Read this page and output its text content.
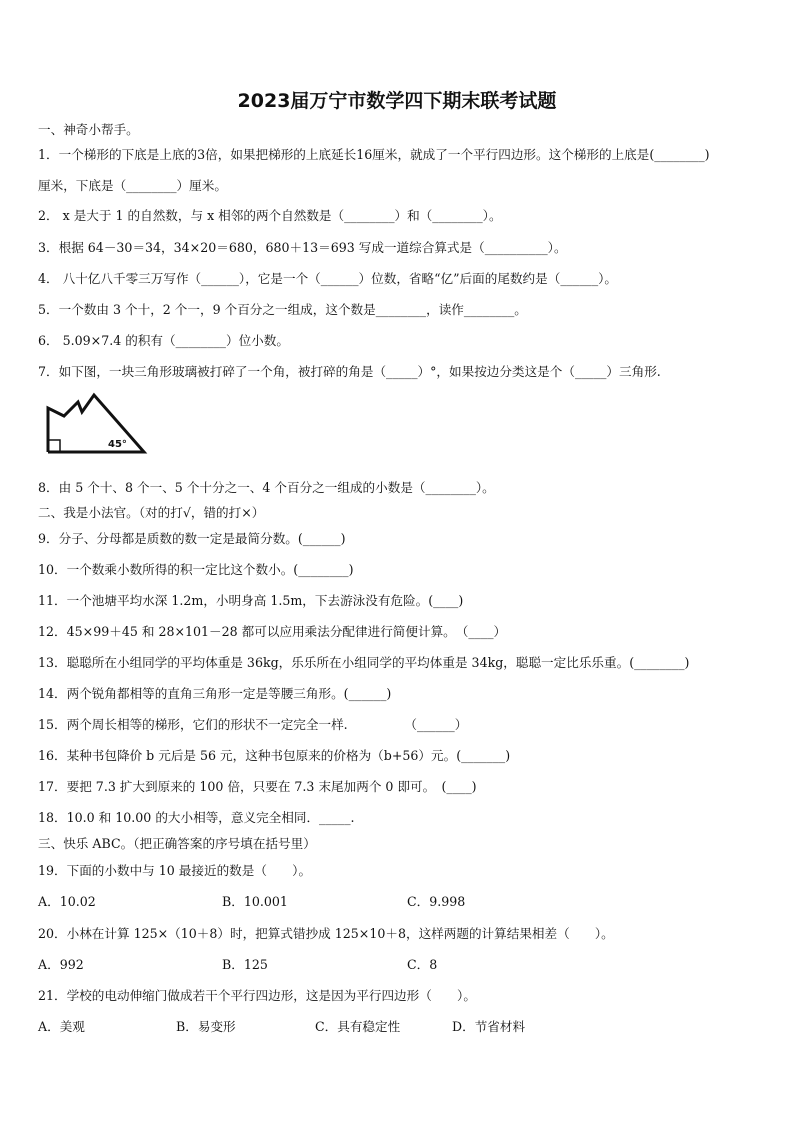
2023届万宁市数学四下期末联考试题
一、神奇小帮手。
1．一个梯形的下底是上底的3倍，如果把梯形的上底延长16厘米，就成了一个平行四边形。这个梯形的上底是(________)
厘米，下底是（________）厘米。
2． x 是大于 1 的自然数，与 x 相邻的两个自然数是（________）和（________）。
3．根据 64－30＝34，34×20＝680，680＋13＝693 写成一道综合算式是（__________）。
4． 八十亿八千零三万写作（______），它是一个（______）位数，省略“亿”后面的尾数约是（______）。
5．一个数由 3 个十，2 个一，9 个百分之一组成，这个数是________，读作________。
6． 5.09×7.4 的积有（________）位小数。
7．如下图，一块三角形玻璃被打碎了一个角，被打碎的角是（_____）°，如果按边分类这是个（_____）三角形.
45°
8．由 5 个十、8 个一、5 个十分之一、4 个百分之一组成的小数是（________）。
二、我是小法官。（对的打√，错的打×）
9．分子、分母都是质数的数一定是最简分数。(______)
10．一个数乘小数所得的积一定比这个数小。(________)
11．一个池塘平均水深 1.2m，小明身高 1.5m，下去游泳没有危险。(____)
12．45×99＋45 和 28×101－28 都可以应用乘法分配律进行简便计算。　（____）
13．聪聪所在小组同学的平均体重是 36kg，乐乐所在小组同学的平均体重是 34kg，聪聪一定比乐乐重。(________)
14．两个锐角都相等的直角三角形一定是等腰三角形。(______)
15．两个周长相等的梯形，它们的形状不一定完全一样.　　　　　（______）
16．某种书包降价 b 元后是 56 元，这种书包原来的价格为（b+56）元。(_______)
17．要把 7.3 扩大到原来的 100 倍，只要在 7.3 末尾加两个 0 即可。　(____)
18．10.0 和 10.00 的大小相等，意义完全相同．_____.
三、快乐 ABC。（把正确答案的序号填在括号里）
19．下面的小数中与 10 最接近的数是（　　）。
A．10.02	B．10.001	C．9.998
20．小林在计算 125×（10＋8）时，把算式错抄成 125×10＋8，这样两题的计算结果相差（　　）。
A．992	B．125	C．8
21．学校的电动伸缩门做成若干个平行四边形，这是因为平行四边形（　　）。
A．美观	B．易变形	C．具有稳定性	D．节省材料
